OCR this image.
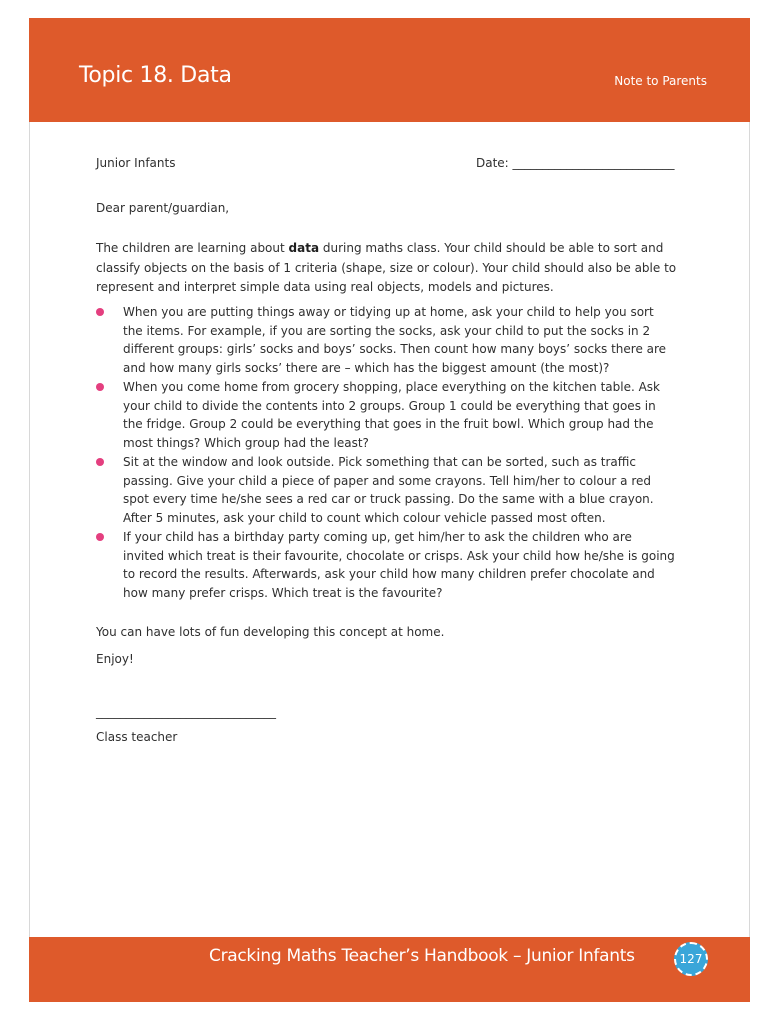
Topic 18. Data	Note to Parents
Junior Infants	Date: ___________________________
Dear parent/guardian,
The children are learning about data during maths class. Your child should be able to sort and classify objects on the basis of 1 criteria (shape, size or colour). Your child should also be able to represent and interpret simple data using real objects, models and pictures.
When you are putting things away or tidying up at home, ask your child to help you sort the items. For example, if you are sorting the socks, ask your child to put the socks in 2 different groups: girls’ socks and boys’ socks. Then count how many boys’ socks there are and how many girls socks’ there are – which has the biggest amount (the most)?
When you come home from grocery shopping, place everything on the kitchen table. Ask your child to divide the contents into 2 groups. Group 1 could be everything that goes in the fridge. Group 2 could be everything that goes in the fruit bowl. Which group had the most things? Which group had the least?
Sit at the window and look outside. Pick something that can be sorted, such as traffic passing. Give your child a piece of paper and some crayons. Tell him/her to colour a red spot every time he/she sees a red car or truck passing. Do the same with a blue crayon. After 5 minutes, ask your child to count which colour vehicle passed most often.
If your child has a birthday party coming up, get him/her to ask the children who are invited which treat is their favourite, chocolate or crisps. Ask your child how he/she is going to record the results. Afterwards, ask your child how many children prefer chocolate and how many prefer crisps. Which treat is the favourite?
You can have lots of fun developing this concept at home.
Enjoy!
______________________________
Class teacher
Cracking Maths Teacher’s Handbook – Junior Infants	127
